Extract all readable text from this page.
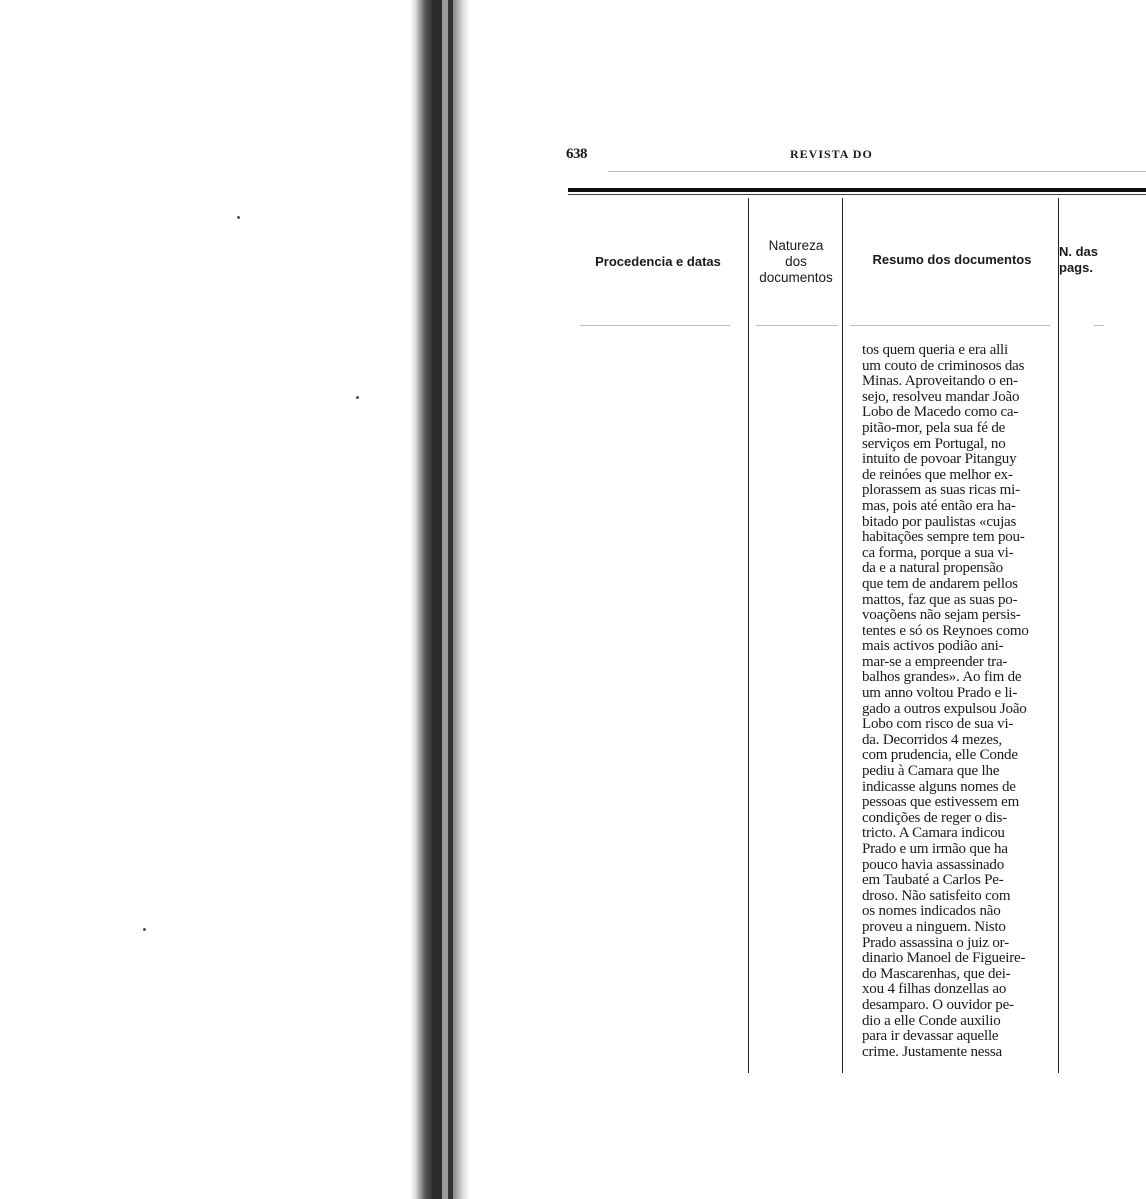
638	REVISTA DO
Procedencia e datas
Natureza
dos
documentos
Resumo dos documentos
N. das
pags.
tos quem queria e era alli
um couto de criminosos das
Minas. Aproveitando o en-
sejo, resolveu mandar João
Lobo de Macedo como ca-
pitão-mor, pela sua fé de
serviços em Portugal, no
intuito de povoar Pitanguy
de reinóes que melhor ex-
plorassem as suas ricas mi-
mas, pois até então era ha-
bitado por paulistas «cujas
habitações sempre tem pou-
ca forma, porque a sua vi-
da e a natural propensão
que tem de andarem pellos
mattos, faz que as suas po-
voaçõens não sejam persis-
tentes e só os Reynoes como
mais activos podião ani-
mar-se a empreender tra-
balhos grandes». Ao fim de
um anno voltou Prado e li-
gado a outros expulsou João
Lobo com risco de sua vi-
da. Decorridos 4 mezes,
com prudencia, elle Conde
pediu à Camara que lhe
indicasse alguns nomes de
pessoas que estivessem em
condições de reger o dis-
tricto. A Camara indicou
Prado e um irmão que ha
pouco havia assassinado
em Taubaté a Carlos Pe-
droso. Não satisfeito com
os nomes indicados não
proveu a ninguem. Nisto
Prado assassina o juiz or-
dinario Manoel de Figueire-
do Mascarenhas, que dei-
xou 4 filhas donzellas ao
desamparo. O ouvidor pe-
dio a elle Conde auxilio
para ir devassar aquelle
crime. Justamente nessa
